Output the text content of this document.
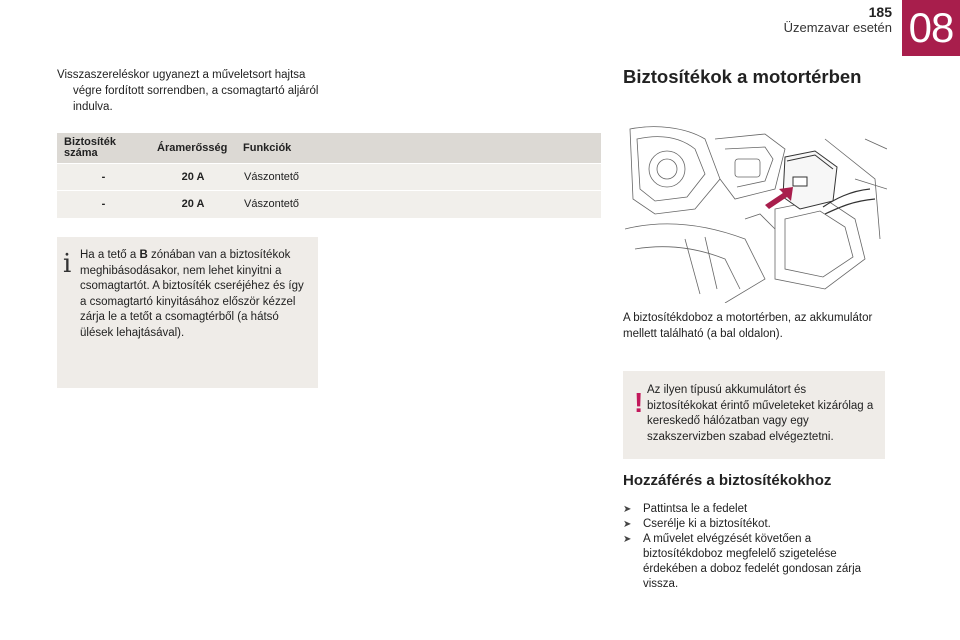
185
Üzemzavar esetén 08

Visszaszereléskor ugyanezt a műveletsort hajtsa
végre fordított sorrendben, a csomagtartó aljáról indulva.

Biztosíték száma	Áramerősség	Funkciók
-	20 A	Vászontető
-	20 A	Vászontető
i Ha a tető a B zónában van a biztosítékok meghibásodásakor, nem lehet kinyitni a csomagtartót. A biztosíték cseréjéhez és így a csomagtartó kinyitásához először kézzel zárja le a tetőt a csomagtérből (a hátsó ülések lehajtásával).

Biztosítékok a motortérben

A biztosítékdoboz a motortérben, az akkumulátor mellett található (a bal oldalon).

! Az ilyen típusú akkumulátort és biztosítékokat érintő műveleteket kizárólag a kereskedő hálózatban vagy egy szakszervizben szabad elvégeztetni.

Hozzáférés a biztosítékokhoz
➤ Pattintsa le a fedelet
➤ Cserélje ki a biztosítékot.
➤ A művelet elvégzését követően a biztosítékdoboz megfelelő szigetelése érdekében a doboz fedelét gondosan zárja vissza.
